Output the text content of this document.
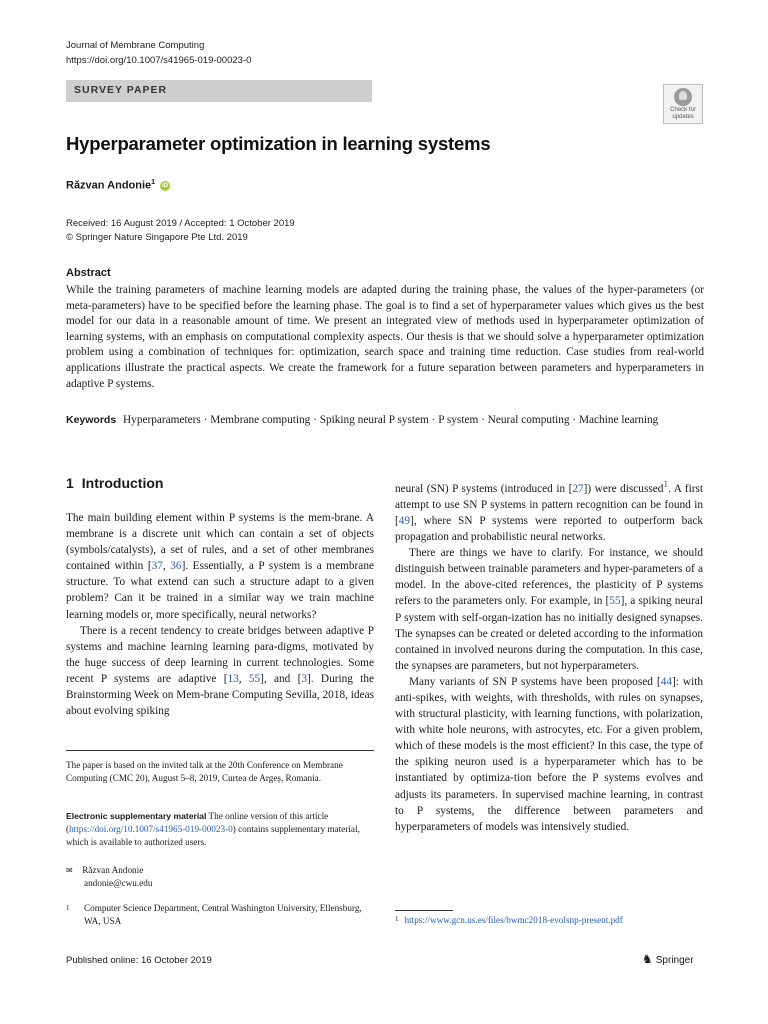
Journal of Membrane Computing
https://doi.org/10.1007/s41965-019-00023-0
SURVEY PAPER
Check for updates
Hyperparameter optimization in learning systems
Răzvan Andonie$^1$ iD
Received: 16 August 2019 / Accepted: 1 October 2019
© Springer Nature Singapore Pte Ltd. 2019
Abstract
While the training parameters of machine learning models are adapted during the training phase, the values of the hyper-parameters (or meta-parameters) have to be specified before the learning phase. The goal is to find a set of hyperparameter values which gives us the best model for our data in a reasonable amount of time. We present an integrated view of methods used in hyperparameter optimization of learning systems, with an emphasis on computational complexity aspects. Our thesis is that we should solve a hyperparameter optimization problem using a combination of techniques for: optimization, search space and training time reduction. Case studies from real-world applications illustrate the practical aspects. We create the framework for a future separation between parameters and hyperparameters in adaptive P systems.
Keywords Hyperparameters · Membrane computing · Spiking neural P system · P system · Neural computing · Machine learning
1 Introduction

The main building element within P systems is the mem-brane. A membrane is a discrete unit which can contain a set of objects (symbols/catalysts), a set of rules, and a set of other membranes contained within [37, 36]. Essentially, a P system is a membrane structure. To what extend can such a structure adapt to a given problem? Can it be trained in a similar way we train machine learning models or, more specifically, neural networks?

There is a recent tendency to create bridges between adaptive P systems and machine learning learning para-digms, motivated by the huge success of deep learning in current technologies. Some recent P systems are adaptive [13, 55], and [3]. During the Brainstorming Week on Mem-brane Computing Sevilla, 2018, ideas about evolving spiking

neural (SN) P systems (introduced in [27]) were discussed$^1$. A first attempt to use SN P systems in pattern recognition can be found in [49], where SN P systems were reported to outperform back propagation and probabilistic neural networks.

There are things we have to clarify. For instance, we should distinguish between trainable parameters and hyper-parameters of a model. In the above-cited references, the plasticity of P systems refers to the parameters only. For example, in [55], a spiking neural P system with self-organ-ization has no initially designed synapses. The synapses can be created or deleted according to the information contained in involved neurons during the computation. In this case, the synapses are parameters, but not hyperparameters.

Many variants of SN P systems have been proposed [44]: with anti-spikes, with weights, with thresholds, with rules on synapses, with structural plasticity, with learning functions, with polarization, with white hole neurons, with astrocytes, etc. For a given problem, which of these models is the most efficient? In this case, the type of the spiking neuron used is a hyperparameter which has to be instantiated by optimiza-tion before the P systems evolves and adjusts its parameters. In supervised machine learning, in contrast to P systems, the difference between parameters and hyperparameters of models was intensively studied.

The paper is based on the invited talk at the 20th Conference on Membrane Computing (CMC 20), August 5–8, 2019, Curtea de Argeș, Romania.
Electronic supplementary material The online version of this article (https://doi.org/10.1007/s41965-019-00023-0) contains supplementary material, which is available to authorized users.
✉ Răzvan Andonie
andonie@cwu.edu
1 Computer Science Department, Central Washington University, Ellensburg, WA, USA	$^1$ https://www.gcn.us.es/files/bwmc2018-evolsnp-present.pdf
Published online: 16 October 2019	♞ Springer
